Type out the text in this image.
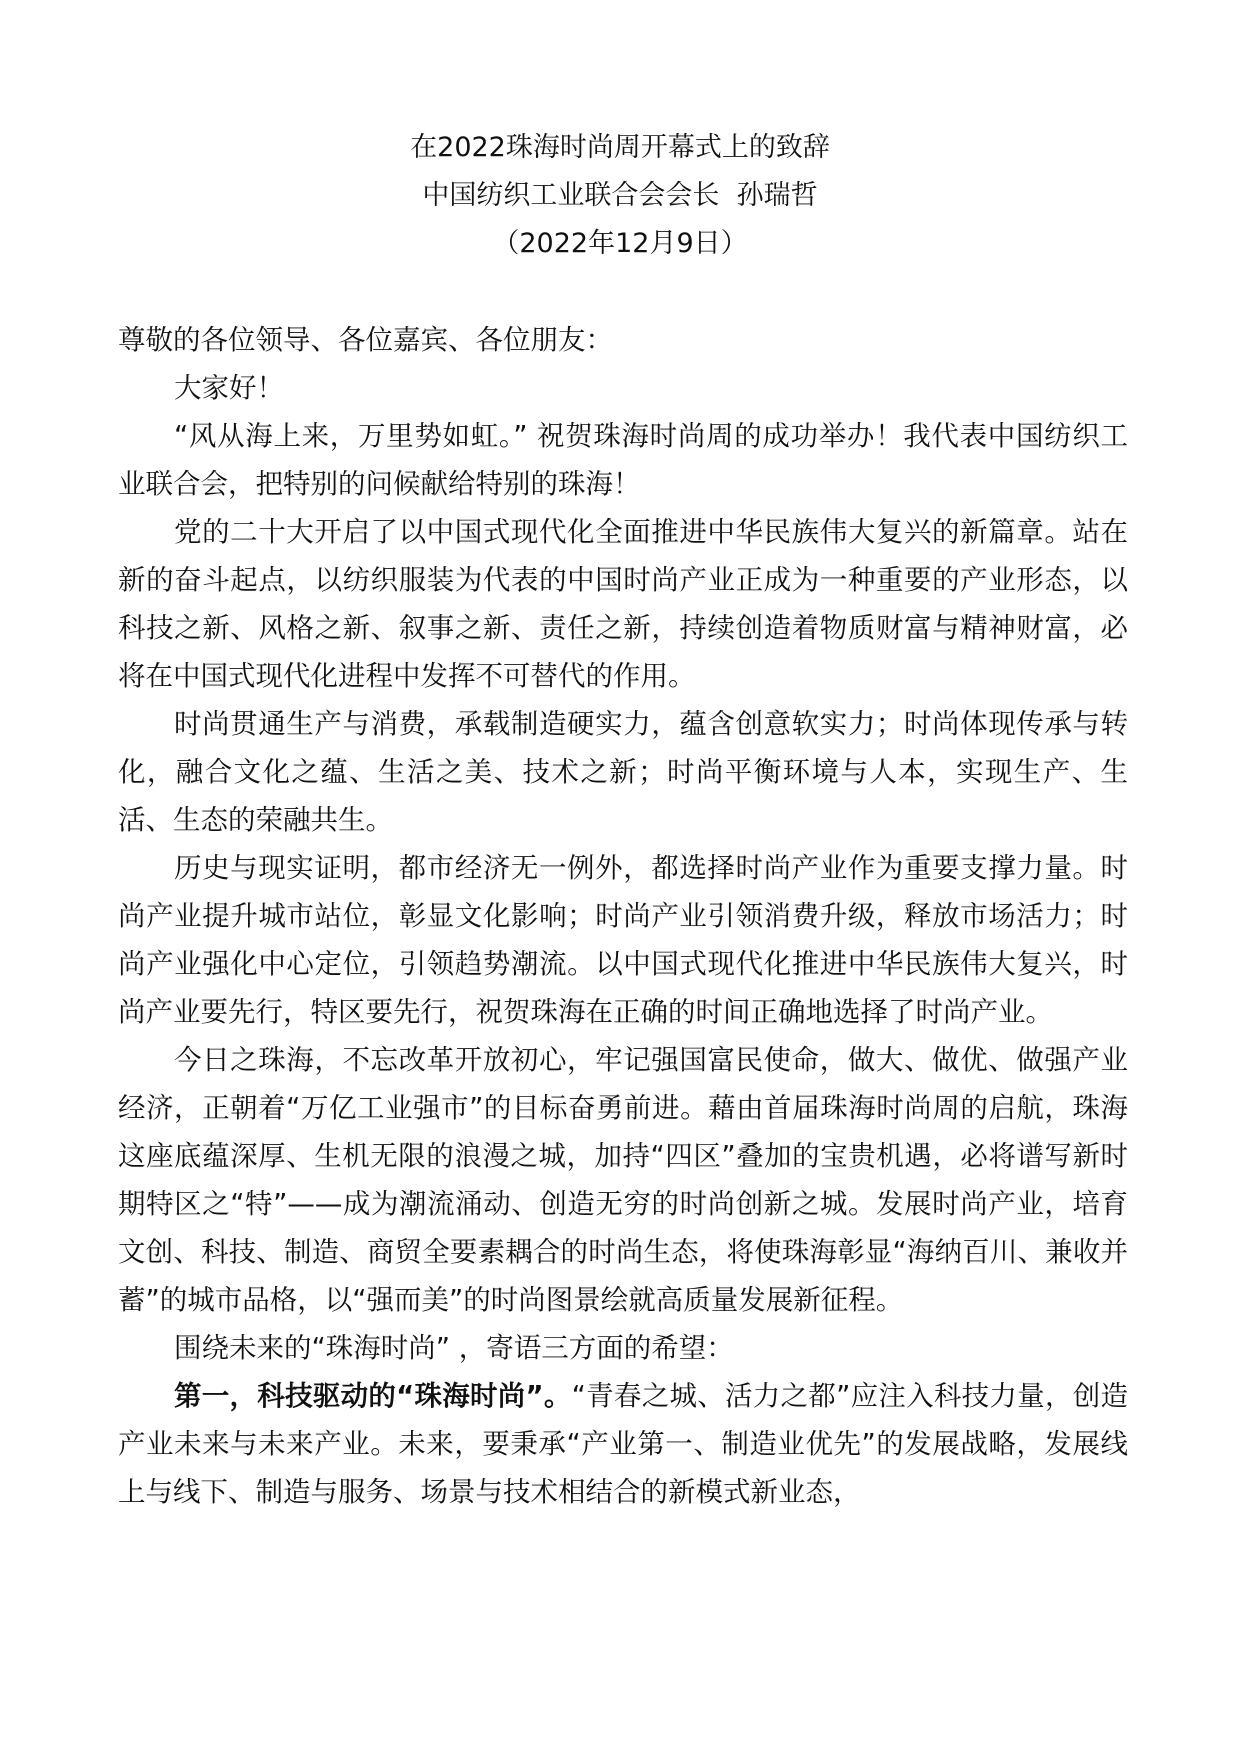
在2022珠海时尚周开幕式上的致辞
中国纺织工业联合会会长  孙瑞哲
（2022年12月9日）

尊敬的各位领导、各位嘉宾、各位朋友：

大家好！

“风从海上来，万里势如虹。” 祝贺珠海时尚周的成功举办！我代表中国纺织工业联合会，把特别的问候献给特别的珠海！

党的二十大开启了以中国式现代化全面推进中华民族伟大复兴的新篇章。站在新的奋斗起点，以纺织服装为代表的中国时尚产业正成为一种重要的产业形态，以科技之新、风格之新、叙事之新、责任之新，持续创造着物质财富与精神财富，必将在中国式现代化进程中发挥不可替代的作用。

时尚贯通生产与消费，承载制造硬实力，蕴含创意软实力；时尚体现传承与转化，融合文化之蕴、生活之美、技术之新；时尚平衡环境与人本，实现生产、生活、生态的荣融共生。

历史与现实证明，都市经济无一例外，都选择时尚产业作为重要支撑力量。时尚产业提升城市站位，彰显文化影响；时尚产业引领消费升级，释放市场活力；时尚产业强化中心定位，引领趋势潮流。以中国式现代化推进中华民族伟大复兴，时尚产业要先行，特区要先行，祝贺珠海在正确的时间正确地选择了时尚产业。

今日之珠海，不忘改革开放初心，牢记强国富民使命，做大、做优、做强产业经济，正朝着“万亿工业强市”的目标奋勇前进。藉由首届珠海时尚周的启航，珠海这座底蕴深厚、生机无限的浪漫之城，加持“四区”叠加的宝贵机遇，必将谱写新时期特区之“特”——成为潮流涌动、创造无穷的时尚创新之城。发展时尚产业，培育文创、科技、制造、商贸全要素耦合的时尚生态，将使珠海彰显“海纳百川、兼收并蓄”的城市品格，以“强而美”的时尚图景绘就高质量发展新征程。

围绕未来的“珠海时尚” ，寄语三方面的希望：

第一，科技驱动的“珠海时尚”。“青春之城、活力之都”应注入科技力量，创造产业未来与未来产业。未来，要秉承“产业第一、制造业优先”的发展战略，发展线上与线下、制造与服务、场景与技术相结合的新模式新业态，
